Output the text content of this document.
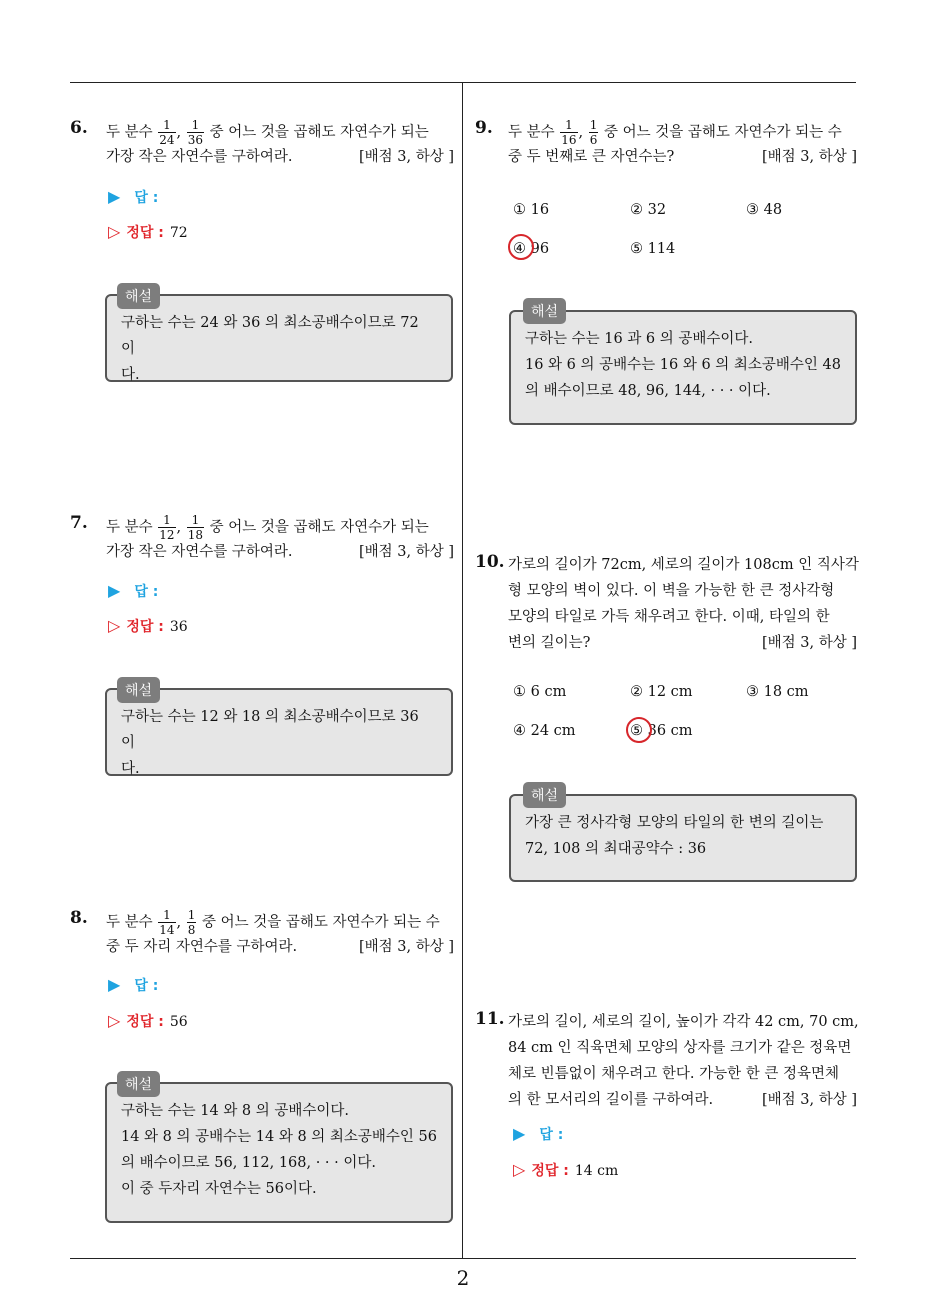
6. 두 분수 $\frac{1}{24}$ , $\frac{1}{36}$ 중 어느 것을 곱해도 자연수가 되는
가장 작은 자연수를 구하여라.	[배점 3, 하상 ]
▶ 답 :
▷ 정답 : 72
구하는 수는 24 와 36 의 최소공배수이므로 72 이
다.
해설
7. 두 분수 $\frac{1}{12}$ , $\frac{1}{18}$ 중 어느 것을 곱해도 자연수가 되는
가장 작은 자연수를 구하여라.	[배점 3, 하상 ]
▶ 답 :
▷ 정답 : 36
구하는 수는 12 와 18 의 최소공배수이므로 36 이
다.
해설
8. 두 분수 $\frac{1}{14}$ , $\frac{1}{8}$ 중 어느 것을 곱해도 자연수가 되는 수
중 두 자리 자연수를 구하여라.	[배점 3, 하상 ]
▶ 답 :
▷ 정답 : 56
구하는 수는 14 와 8 의 공배수이다.
14 와 8 의 공배수는 14 와 8 의 최소공배수인 56
의 배수이므로 56, 112, 168, · · · 이다.
이 중 두자리 자연수는 56이다.
해설
9. 두 분수 $\frac{1}{16}$ , $\frac{1}{6}$ 중 어느 것을 곱해도 자연수가 되는 수
중 두 번째로 큰 자연수는?	[배점 3, 하상 ]
① 16	② 32	③ 48
④ 96	⑤ 114
구하는 수는 16 과 6 의 공배수이다.
16 와 6 의 공배수는 16 와 6 의 최소공배수인 48
의 배수이므로 48, 96, 144, · · · 이다.
해설
10. 가로의 길이가 72cm, 세로의 길이가 108cm 인 직사각
형 모양의 벽이 있다. 이 벽을 가능한 한 큰 정사각형
모양의 타일로 가득 채우려고 한다. 이때, 타일의 한
변의 길이는?	[배점 3, 하상 ]
① 6 cm	② 12 cm	③ 18 cm
④ 24 cm	⑤ 36 cm
가장 큰 정사각형 모양의 타일의 한 변의 길이는
72, 108 의 최대공약수 : 36
해설
11. 가로의 길이, 세로의 길이, 높이가 각각 42 cm, 70 cm,
84 cm 인 직육면체 모양의 상자를 크기가 같은 정육면
체로 빈틈없이 채우려고 한다. 가능한 한 큰 정육면체
의 한 모서리의 길이를 구하여라.	[배점 3, 하상 ]
▶ 답 :
▷ 정답 : 14 cm
2
